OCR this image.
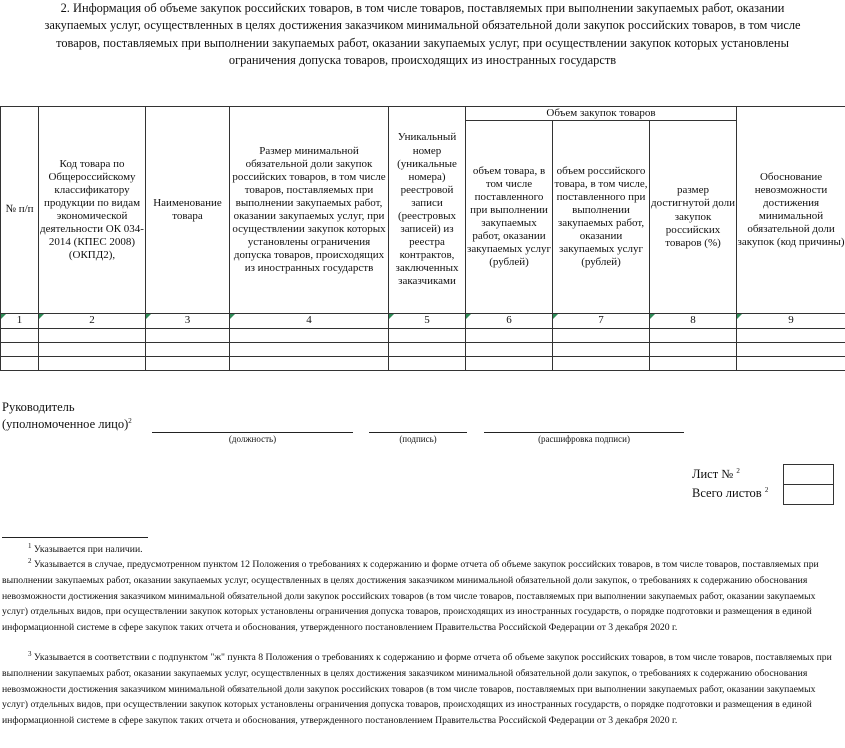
2. Информация об объеме закупок российских товаров, в том числе товаров, поставляемых при выполнении закупаемых работ, оказании закупаемых услуг, осуществленных в целях достижения заказчиком минимальной обязательной доли закупок российских товаров, в том числе товаров, поставляемых при выполнении закупаемых работ, оказании закупаемых услуг, при осуществлении закупок которых установлены ограничения допуска товаров, происходящих из иностранных государств

№ п/п	Код товара по Общероссийскому классификатору продукции по видам экономической деятельности ОК 034-2014 (КПЕС 2008) (ОКПД2),	Наименование товара	Размер минимальной обязательной доли закупок российских товаров, в том числе товаров, поставляемых при выполнении закупаемых работ, оказании закупаемых услуг, при осуществлении закупок которых установлены ограничения допуска товаров, происходящих из иностранных государств	Уникальный номер (уникальные номера) реестровой записи (реестровых записей) из реестра контрактов, заключенных заказчиками	Объем закупок товаров			Обоснование невозможности достижения минимальной обязательной доли закупок (код причины)
					объем товара, в том числе поставленного при выполнении закупаемых работ, оказании закупаемых услуг (рублей)	объем российского товара, в том числе, поставленного при выполнении закупаемых работ, оказании закупаемых услуг (рублей)	размер достигнутой доли закупок российских товаров (%)	
1	2	3	4	5	6	7	8	9

Руководитель
(уполномоченное лицо)$^2$
(должность)	(подпись)	(расшифровка подписи)
Лист № $^2$
Всего листов $^2$

$^1$ Указывается при наличии.

$^2$ Указывается в случае, предусмотренном пунктом 12 Положения о требованиях к содержанию и форме отчета об объеме закупок российских товаров, в том числе товаров, поставляемых при выполнении закупаемых работ, оказании закупаемых услуг, осуществленных в целях достижения заказчиком минимальной обязательной доли закупок, о требованиях к содержанию обоснования невозможности достижения заказчиком минимальной обязательной доли закупок российских товаров (в том числе товаров, поставляемых при выполнении закупаемых работ, оказании закупаемых услуг) отдельных видов, при осуществлении закупок которых установлены ограничения допуска товаров, происходящих из иностранных государств, о порядке подготовки и размещения в единой информационной системе в сфере закупок таких отчета и обоснования, утвержденного постановлением Правительства Российской Федерации от 3 декабря 2020 г.

$^3$ Указывается в соответствии с подпунктом "ж" пункта 8 Положения о требованиях к содержанию и форме отчета об объеме закупок российских товаров, в том числе товаров, поставляемых при выполнении закупаемых работ, оказании закупаемых услуг, осуществленных в целях достижения заказчиком минимальной обязательной доли закупок, о требованиях к содержанию обоснования невозможности достижения заказчиком минимальной обязательной доли закупок российских товаров (в том числе товаров, поставляемых при выполнении закупаемых работ, оказании закупаемых услуг) отдельных видов, при осуществлении закупок которых установлены ограничения допуска товаров, происходящих из иностранных государств, о порядке подготовки и размещения в единой информационной системе в сфере закупок таких отчета и обоснования, утвержденного постановлением Правительства Российской Федерации от 3 декабря 2020 г.
